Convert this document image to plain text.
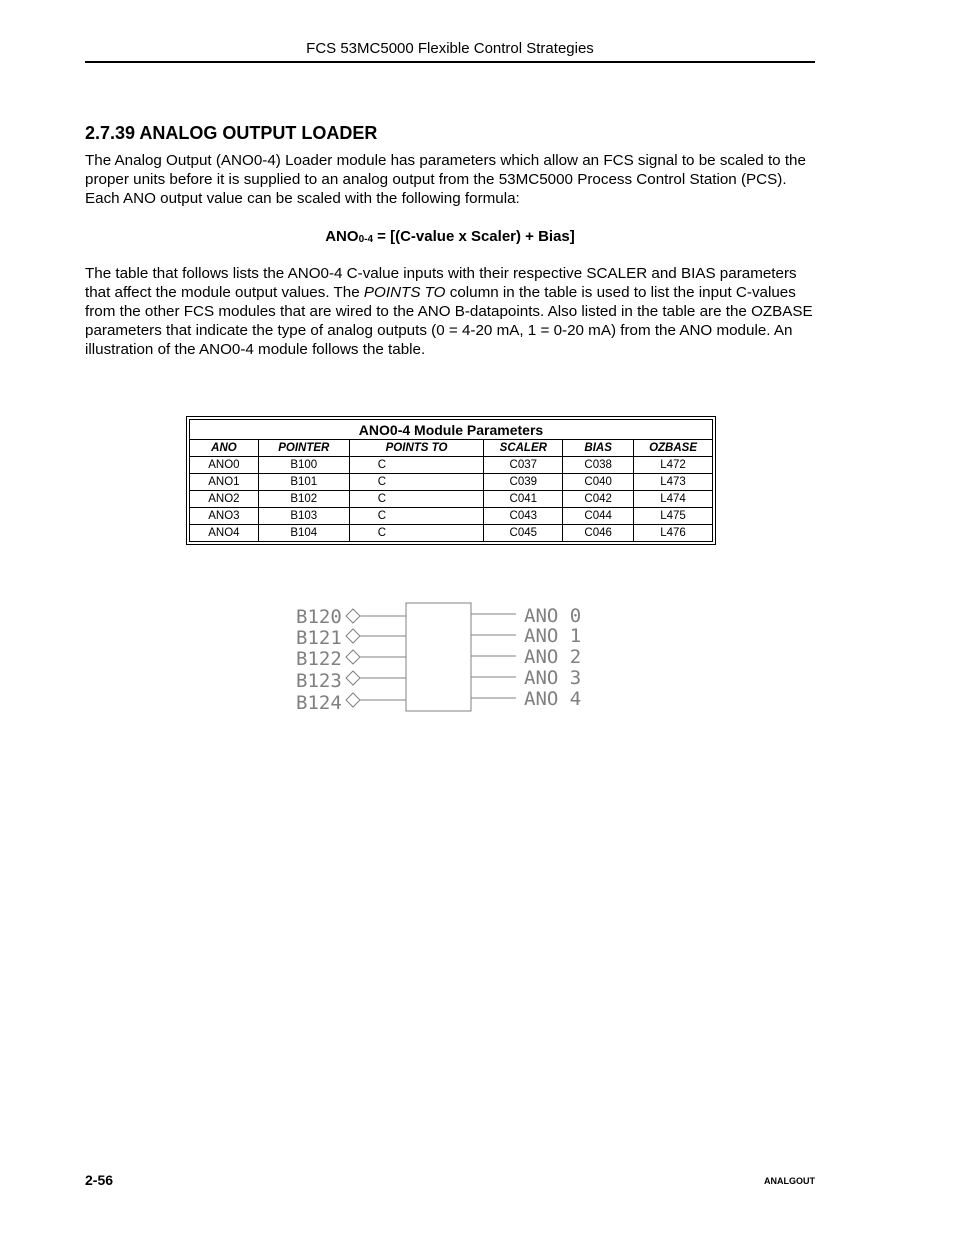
FCS 53MC5000 Flexible Control Strategies
2.7.39 ANALOG OUTPUT LOADER

The Analog Output (ANO0-4) Loader module has parameters which allow an FCS signal to be scaled to the proper units before it is supplied to an analog output from the 53MC5000 Process Control Station (PCS). Each ANO output value can be scaled with the following formula:

$ANO_{0-4}$ = [(C-value x Scaler) + Bias]

The table that follows lists the ANO0-4 C-value inputs with their respective SCALER and BIAS parameters that affect the module output values. The POINTS TO column in the table is used to list the input C-values from the other FCS modules that are wired to the ANO B-datapoints. Also listed in the table are the OZBASE parameters that indicate the type of analog outputs (0 = 4-20 mA, 1 = 0-20 mA) from the ANO module. An illustration of the ANO0-4 module follows the table.

ANO0-4 Module Parameters
ANO	POINTER	POINTS TO	SCALER	BIAS	OZBASE
ANO0	B100	C	C037	C038	L472
ANO1	B101	C	C039	C040	L473
ANO2	B102	C	C041	C042	L474
ANO3	B103	C	C043	C044	L475
ANO4	B104	C	C045	C046	L476
B120
B121
B122
B123
B124
ANO 0
ANO 1
ANO 2
ANO 3
ANO 4
2-56	ANALGOUT
